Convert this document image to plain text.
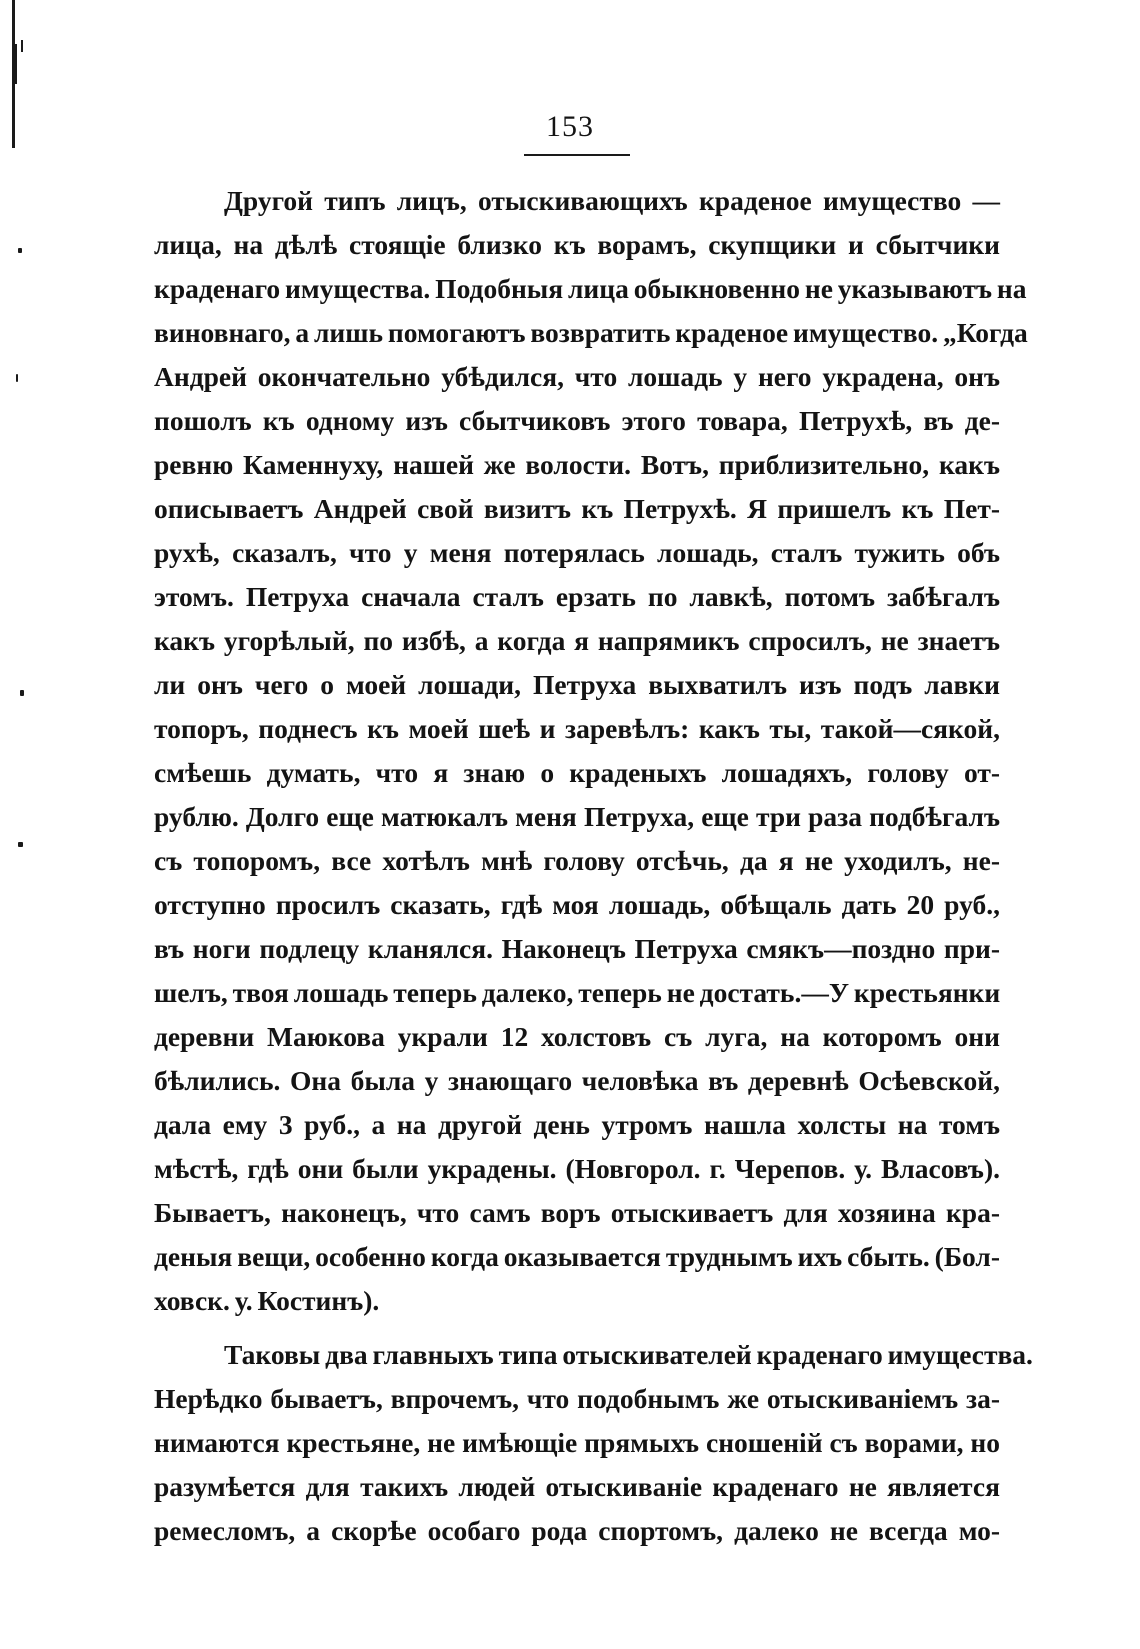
153
Другой типъ лицъ, отыскивающихъ краденое имущество —
лица, на дѣлѣ стоящіе близко къ ворамъ, скупщики и сбытчики
краденаго имущества. Подобныя лица обыкновенно не указываютъ на
виновнаго, а лишь помогаютъ возвратить краденое имущество. „Когда
Андрей окончательно убѣдился, что лошадь у него украдена, онъ
пошолъ къ одному изъ сбытчиковъ этого товара, Петрухѣ, въ де-
ревню Каменнуху, нашей же волости. Вотъ, приблизительно, какъ
описываетъ Андрей свой визитъ къ Петрухѣ. Я пришелъ къ Пет-
рухѣ, сказалъ, что у меня потерялась лошадь, сталъ тужить объ
этомъ. Петруха сначала сталъ ерзать по лавкѣ, потомъ забѣгалъ
какъ угорѣлый, по избѣ, а когда я напрямикъ спросилъ, не знаетъ
ли онъ чего о моей лошади, Петруха выхватилъ изъ подъ лавки
топоръ, поднесъ къ моей шеѣ и заревѣлъ: какъ ты, такой—сякой,
смѣешь думать, что я знаю о краденыхъ лошадяхъ, голову от-
рублю. Долго еще матюкалъ меня Петруха, еще три раза подбѣгалъ
съ топоромъ, все хотѣлъ мнѣ голову отсѣчь, да я не уходилъ, не-
отступно просилъ сказать, гдѣ моя лошадь, обѣщаль дать 20 руб.,
въ ноги подлецу кланялся. Наконецъ Петруха смякъ—поздно при-
шелъ, твоя лошадь теперь далеко, теперь не достать.—У крестьянки
деревни Маюкова украли 12 холстовъ съ луга, на которомъ они
бѣлились. Она была у знающаго человѣка въ деревнѣ Осѣевской,
дала ему 3 руб., а на другой день утромъ нашла холсты на томъ
мѣстѣ, гдѣ они были украдены. (Новгорол. г. Черепов. у. Власовъ).
Бываетъ, наконецъ, что самъ воръ отыскиваетъ для хозяина кра-
деныя вещи, особенно когда оказывается труднымъ ихъ сбыть. (Бол-
ховск. у. Костинъ).
Таковы два главныхъ типа отыскивателей краденаго имущества.
Нерѣдко бываетъ, впрочемъ, что подобнымъ же отыскиваніемъ за-
нимаются крестьяне, не имѣющіе прямыхъ сношеній съ ворами, но
разумѣется для такихъ людей отыскиваніе краденаго не является
ремесломъ, а скорѣе особаго рода спортомъ, далеко не всегда мо-
